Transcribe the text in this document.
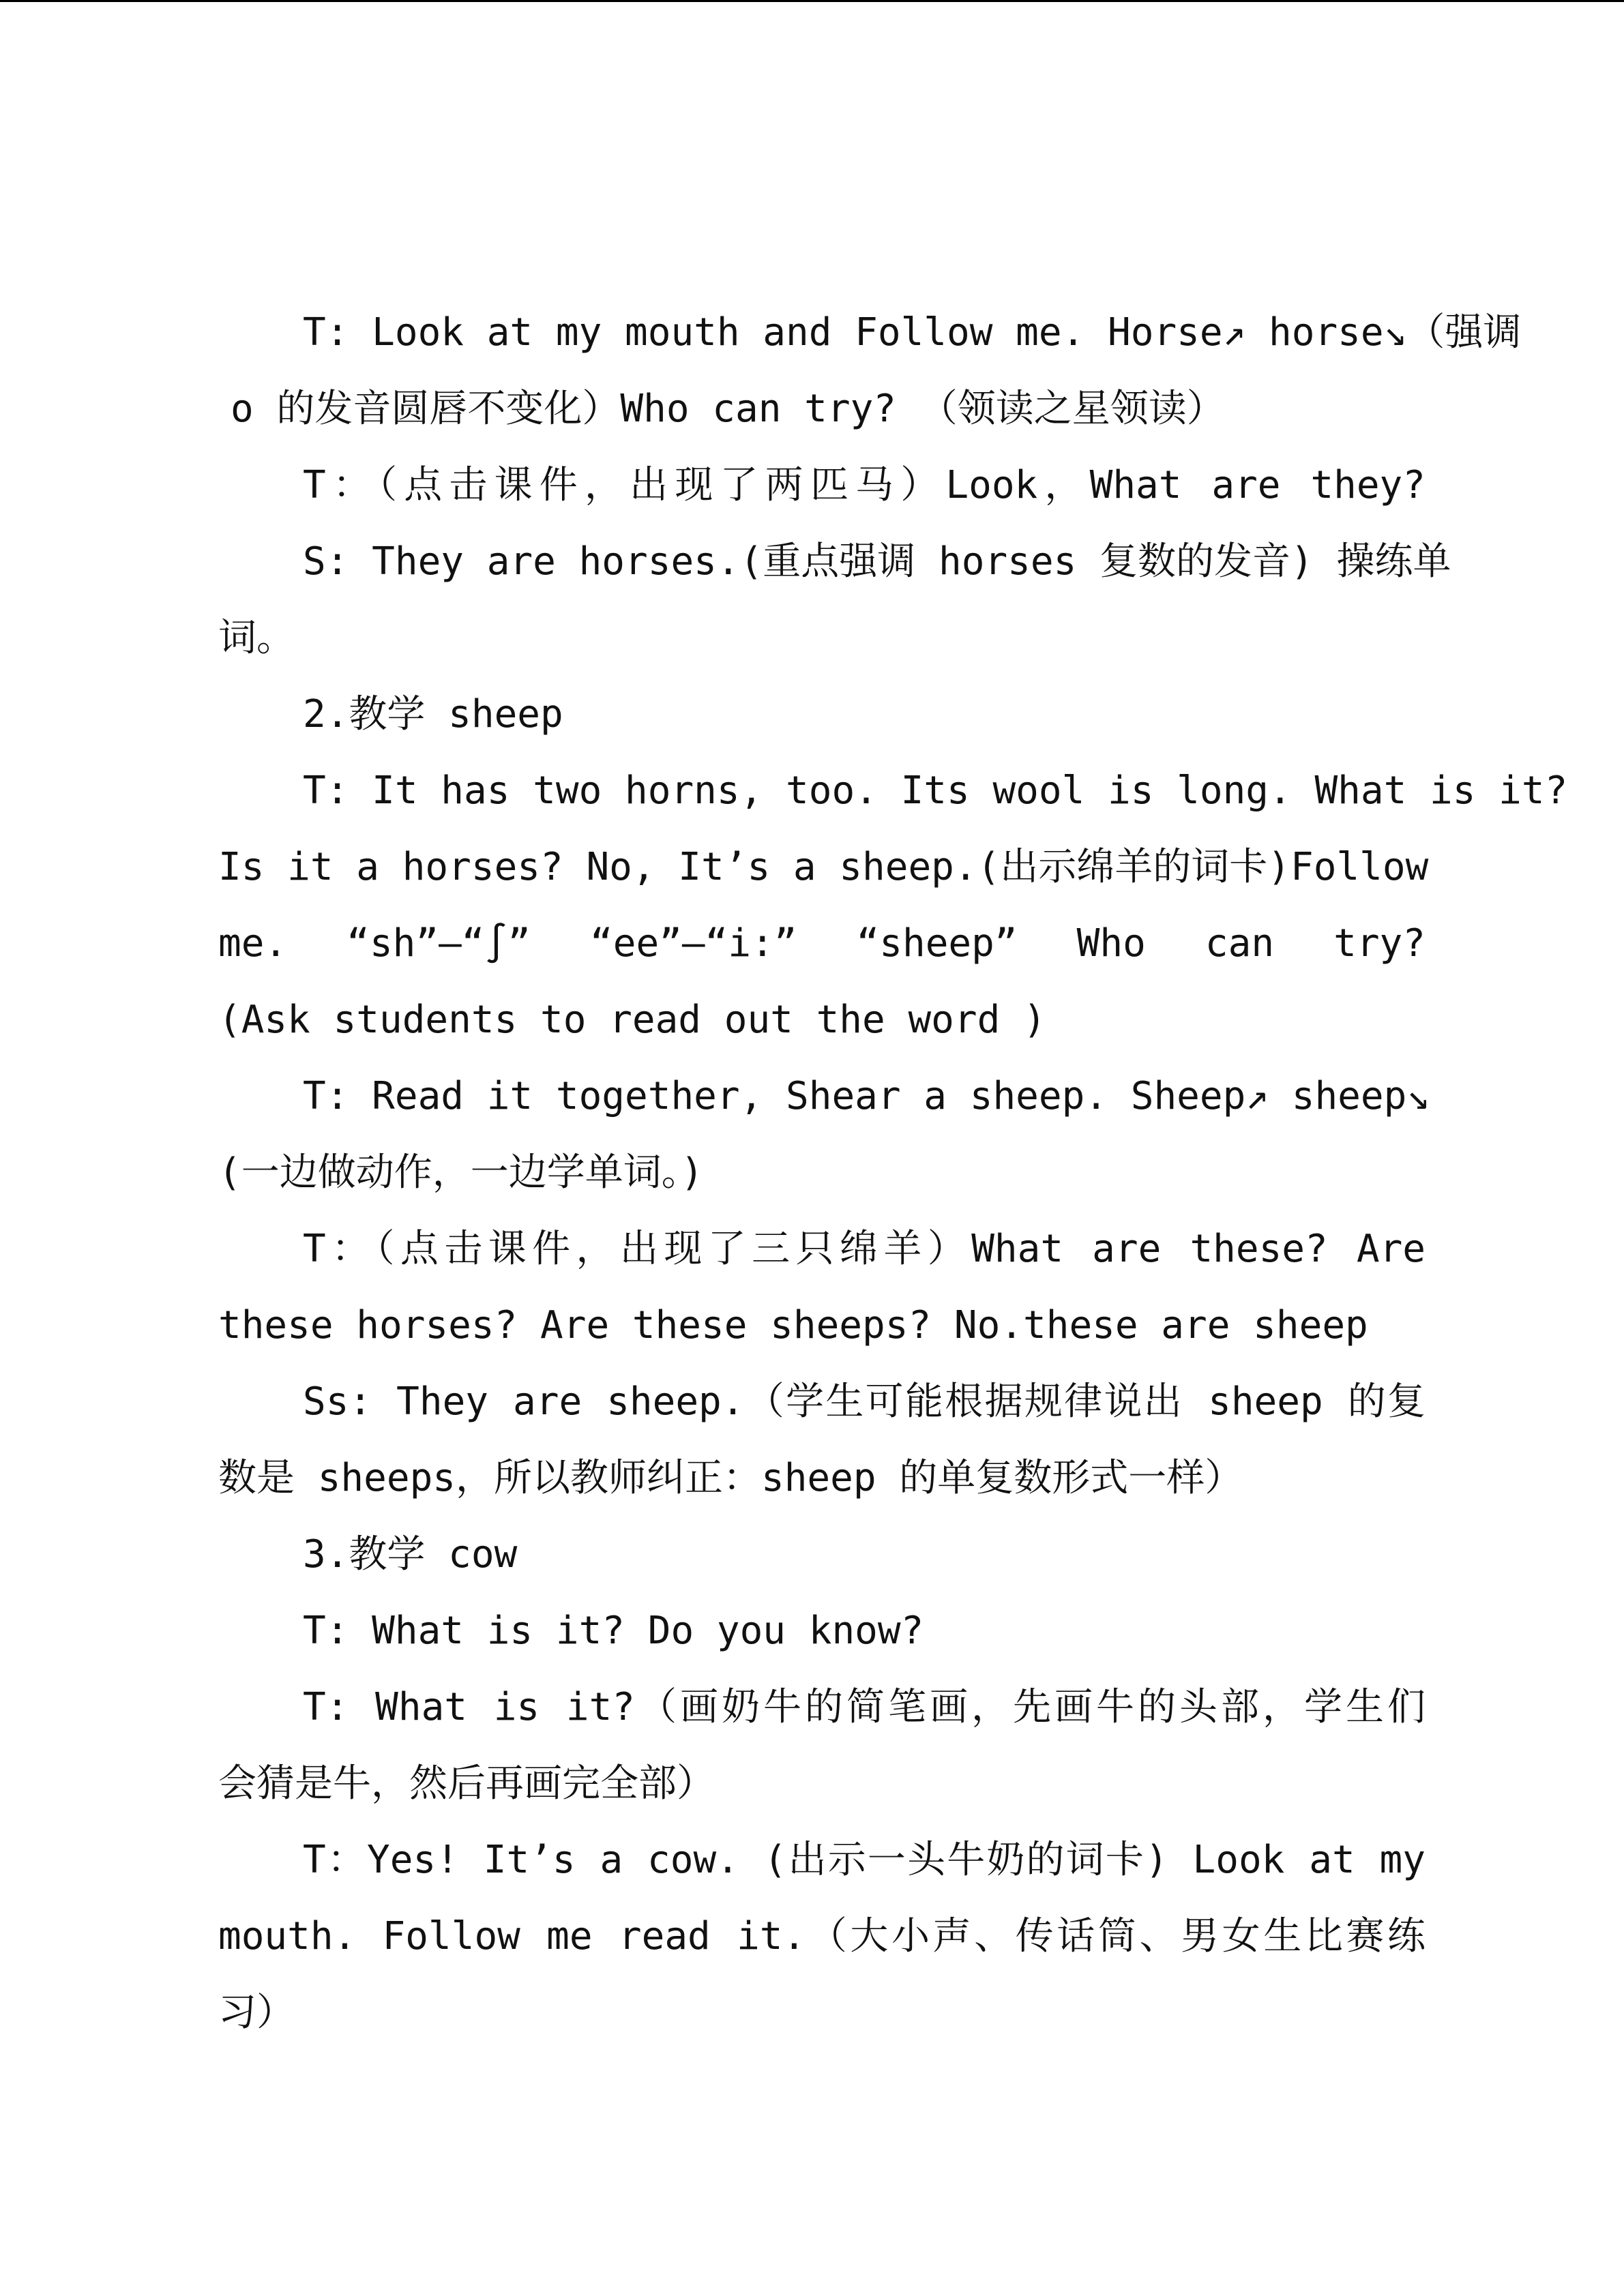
T: Look at my mouth and Follow me. Horse↗ horse↘（强调
o 的发音圆唇不变化）Who can try? （领读之星领读）
T：（点击课件，出现了两匹马）Look，What are they?
S: They are horses.(重点强调 horses 复数的发音) 操练单
词。
2.教学 sheep
T: It has two horns, too. Its wool is long. What is it?
Is it a horses? No, It’s a sheep.(出示绵羊的词卡)Follow
me. “sh”—“∫” “ee”—“i:” “sheep” Who can try?
(Ask students to read out the word )
T: Read it together, Shear a sheep. Sheep↗ sheep↘
(一边做动作，一边学单词。)
T：（点击课件，出现了三只绵羊）What are these? Are
these horses? Are these sheeps? No.these are sheep
Ss: They are sheep.（学生可能根据规律说出 sheep 的复
数是 sheeps，所以教师纠正：sheep 的单复数形式一样）
3.教学 cow
T: What is it? Do you know?
T: What is it?（画奶牛的简笔画，先画牛的头部，学生们
会猜是牛，然后再画完全部）
T：Yes! It’s a cow. (出示一头牛奶的词卡) Look at my
mouth. Follow me read it.（大小声、传话筒、男女生比赛练
习）
